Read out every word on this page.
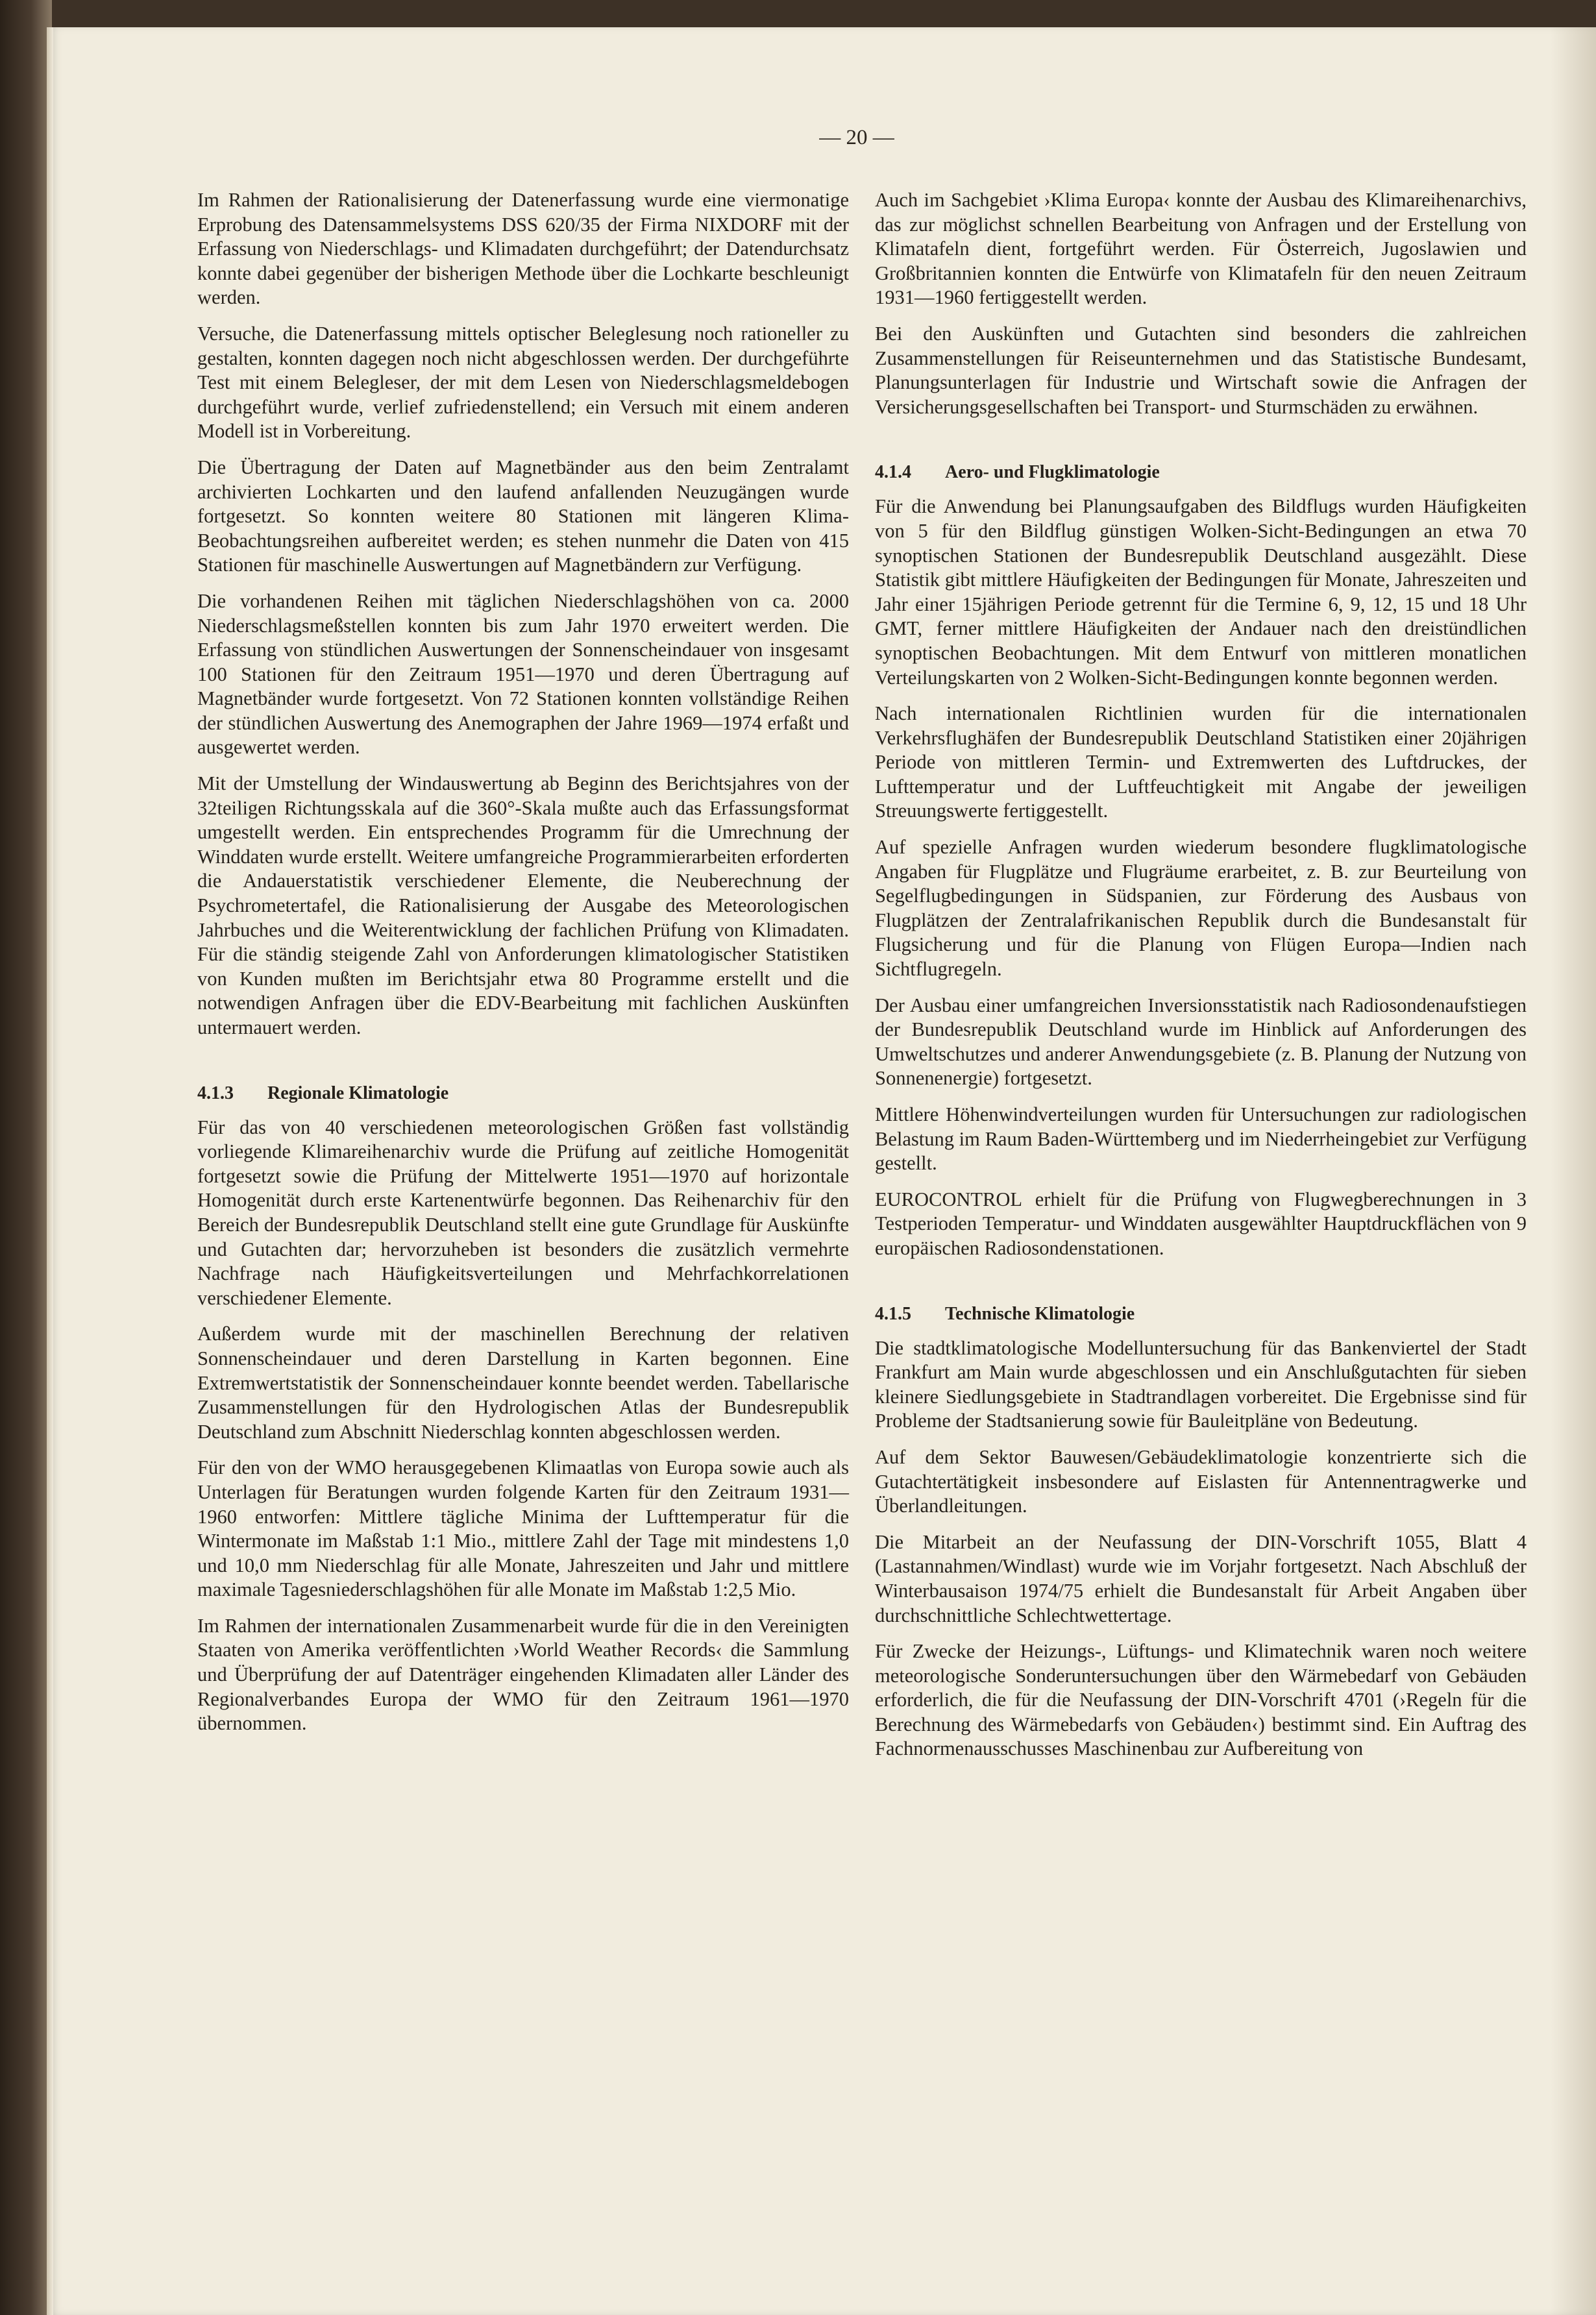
— 20 —

Im Rahmen der Rationalisierung der Datenerfassung wurde eine viermonatige Erprobung des Datensammelsystems DSS 620/35 der Firma NIXDORF mit der Erfassung von Niederschlags- und Klimadaten durchgeführt; der Datendurchsatz konnte dabei gegenüber der bisherigen Methode über die Lochkarte beschleunigt werden.

Versuche, die Datenerfassung mittels optischer Beleglesung noch rationeller zu gestalten, konnten dagegen noch nicht abgeschlossen werden. Der durchgeführte Test mit einem Belegleser, der mit dem Lesen von Niederschlagsmeldebogen durchgeführt wurde, verlief zufriedenstellend; ein Versuch mit einem anderen Modell ist in Vorbereitung.

Die Übertragung der Daten auf Magnetbänder aus den beim Zentralamt archivierten Lochkarten und den laufend anfallenden Neuzugängen wurde fortgesetzt. So konnten weitere 80 Stationen mit längeren Klima-Beobachtungsreihen aufbereitet werden; es stehen nunmehr die Daten von 415 Stationen für maschinelle Auswertungen auf Magnetbändern zur Verfügung.

Die vorhandenen Reihen mit täglichen Niederschlagshöhen von ca. 2000 Niederschlagsmeßstellen konnten bis zum Jahr 1970 erweitert werden. Die Erfassung von stündlichen Auswertungen der Sonnenscheindauer von insgesamt 100 Stationen für den Zeitraum 1951—1970 und deren Übertragung auf Magnetbänder wurde fortgesetzt. Von 72 Stationen konnten vollständige Reihen der stündlichen Auswertung des Anemographen der Jahre 1969—1974 erfaßt und ausgewertet werden.

Mit der Umstellung der Windauswertung ab Beginn des Berichtsjahres von der 32teiligen Richtungsskala auf die 360°-Skala mußte auch das Erfassungsformat umgestellt werden. Ein entsprechendes Programm für die Umrechnung der Winddaten wurde erstellt. Weitere umfangreiche Programmierarbeiten erforderten die Andauerstatistik verschiedener Elemente, die Neuberechnung der Psychrometertafel, die Rationalisierung der Ausgabe des Meteorologischen Jahrbuches und die Weiterentwicklung der fachlichen Prüfung von Klimadaten. Für die ständig steigende Zahl von Anforderungen klimatologischer Statistiken von Kunden mußten im Berichtsjahr etwa 80 Programme erstellt und die notwendigen Anfragen über die EDV-Bearbeitung mit fachlichen Auskünften untermauert werden.

4.1.3 Regionale Klimatologie

Für das von 40 verschiedenen meteorologischen Größen fast vollständig vorliegende Klimareihenarchiv wurde die Prüfung auf zeitliche Homogenität fortgesetzt sowie die Prüfung der Mittelwerte 1951—1970 auf horizontale Homogenität durch erste Kartenentwürfe begonnen. Das Reihenarchiv für den Bereich der Bundesrepublik Deutschland stellt eine gute Grundlage für Auskünfte und Gutachten dar; hervorzuheben ist besonders die zusätzlich vermehrte Nachfrage nach Häufigkeitsverteilungen und Mehrfachkorrelationen verschiedener Elemente.

Außerdem wurde mit der maschinellen Berechnung der relativen Sonnenscheindauer und deren Darstellung in Karten begonnen. Eine Extremwertstatistik der Sonnenscheindauer konnte beendet werden. Tabellarische Zusammenstellungen für den Hydrologischen Atlas der Bundesrepublik Deutschland zum Abschnitt Niederschlag konnten abgeschlossen werden.

Für den von der WMO herausgegebenen Klimaatlas von Europa sowie auch als Unterlagen für Beratungen wurden folgende Karten für den Zeitraum 1931—1960 entworfen: Mittlere tägliche Minima der Lufttemperatur für die Wintermonate im Maßstab 1:1 Mio., mittlere Zahl der Tage mit mindestens 1,0 und 10,0 mm Niederschlag für alle Monate, Jahreszeiten und Jahr und mittlere maximale Tagesniederschlagshöhen für alle Monate im Maßstab 1:2,5 Mio.

Im Rahmen der internationalen Zusammenarbeit wurde für die in den Vereinigten Staaten von Amerika veröffentlichten ›World Weather Records‹ die Sammlung und Überprüfung der auf Datenträger eingehenden Klimadaten aller Länder des Regionalverbandes Europa der WMO für den Zeitraum 1961—1970 übernommen.

Auch im Sachgebiet ›Klima Europa‹ konnte der Ausbau des Klimareihenarchivs, das zur möglichst schnellen Bearbeitung von Anfragen und der Erstellung von Klimatafeln dient, fortgeführt werden. Für Österreich, Jugoslawien und Großbritannien konnten die Entwürfe von Klimatafeln für den neuen Zeitraum 1931—1960 fertiggestellt werden.

Bei den Auskünften und Gutachten sind besonders die zahlreichen Zusammenstellungen für Reiseunternehmen und das Statistische Bundesamt, Planungsunterlagen für Industrie und Wirtschaft sowie die Anfragen der Versicherungsgesellschaften bei Transport- und Sturmschäden zu erwähnen.

4.1.4 Aero- und Flugklimatologie

Für die Anwendung bei Planungsaufgaben des Bildflugs wurden Häufigkeiten von 5 für den Bildflug günstigen Wolken-Sicht-Bedingungen an etwa 70 synoptischen Stationen der Bundesrepublik Deutschland ausgezählt. Diese Statistik gibt mittlere Häufigkeiten der Bedingungen für Monate, Jahreszeiten und Jahr einer 15jährigen Periode getrennt für die Termine 6, 9, 12, 15 und 18 Uhr GMT, ferner mittlere Häufigkeiten der Andauer nach den dreistündlichen synoptischen Beobachtungen. Mit dem Entwurf von mittleren monatlichen Verteilungskarten von 2 Wolken-Sicht-Bedingungen konnte begonnen werden.

Nach internationalen Richtlinien wurden für die internationalen Verkehrsflughäfen der Bundesrepublik Deutschland Statistiken einer 20jährigen Periode von mittleren Termin- und Extremwerten des Luftdruckes, der Lufttemperatur und der Luftfeuchtigkeit mit Angabe der jeweiligen Streuungswerte fertiggestellt.

Auf spezielle Anfragen wurden wiederum besondere flugklimatologische Angaben für Flugplätze und Flugräume erarbeitet, z. B. zur Beurteilung von Segelflugbedingungen in Südspanien, zur Förderung des Ausbaus von Flugplätzen der Zentralafrikanischen Republik durch die Bundesanstalt für Flugsicherung und für die Planung von Flügen Europa—Indien nach Sichtflugregeln.

Der Ausbau einer umfangreichen Inversionsstatistik nach Radiosondenaufstiegen der Bundesrepublik Deutschland wurde im Hinblick auf Anforderungen des Umweltschutzes und anderer Anwendungsgebiete (z. B. Planung der Nutzung von Sonnenenergie) fortgesetzt.

Mittlere Höhenwindverteilungen wurden für Untersuchungen zur radiologischen Belastung im Raum Baden-Württemberg und im Niederrheingebiet zur Verfügung gestellt.

EUROCONTROL erhielt für die Prüfung von Flugwegberechnungen in 3 Testperioden Temperatur- und Winddaten ausgewählter Hauptdruckflächen von 9 europäischen Radiosondenstationen.

4.1.5 Technische Klimatologie

Die stadtklimatologische Modelluntersuchung für das Bankenviertel der Stadt Frankfurt am Main wurde abgeschlossen und ein Anschlußgutachten für sieben kleinere Siedlungsgebiete in Stadtrandlagen vorbereitet. Die Ergebnisse sind für Probleme der Stadtsanierung sowie für Bauleitpläne von Bedeutung.

Auf dem Sektor Bauwesen/Gebäudeklimatologie konzentrierte sich die Gutachtertätigkeit insbesondere auf Eislasten für Antennentragwerke und Überlandleitungen.

Die Mitarbeit an der Neufassung der DIN-Vorschrift 1055, Blatt 4 (Lastannahmen/Windlast) wurde wie im Vorjahr fortgesetzt. Nach Abschluß der Winterbausaison 1974/75 erhielt die Bundesanstalt für Arbeit Angaben über durchschnittliche Schlechtwettertage.

Für Zwecke der Heizungs-, Lüftungs- und Klimatechnik waren noch weitere meteorologische Sonderuntersuchungen über den Wärmebedarf von Gebäuden erforderlich, die für die Neufassung der DIN-Vorschrift 4701 (›Regeln für die Berechnung des Wärmebedarfs von Gebäuden‹) bestimmt sind. Ein Auftrag des Fachnormenausschusses Maschinenbau zur Aufbereitung von
